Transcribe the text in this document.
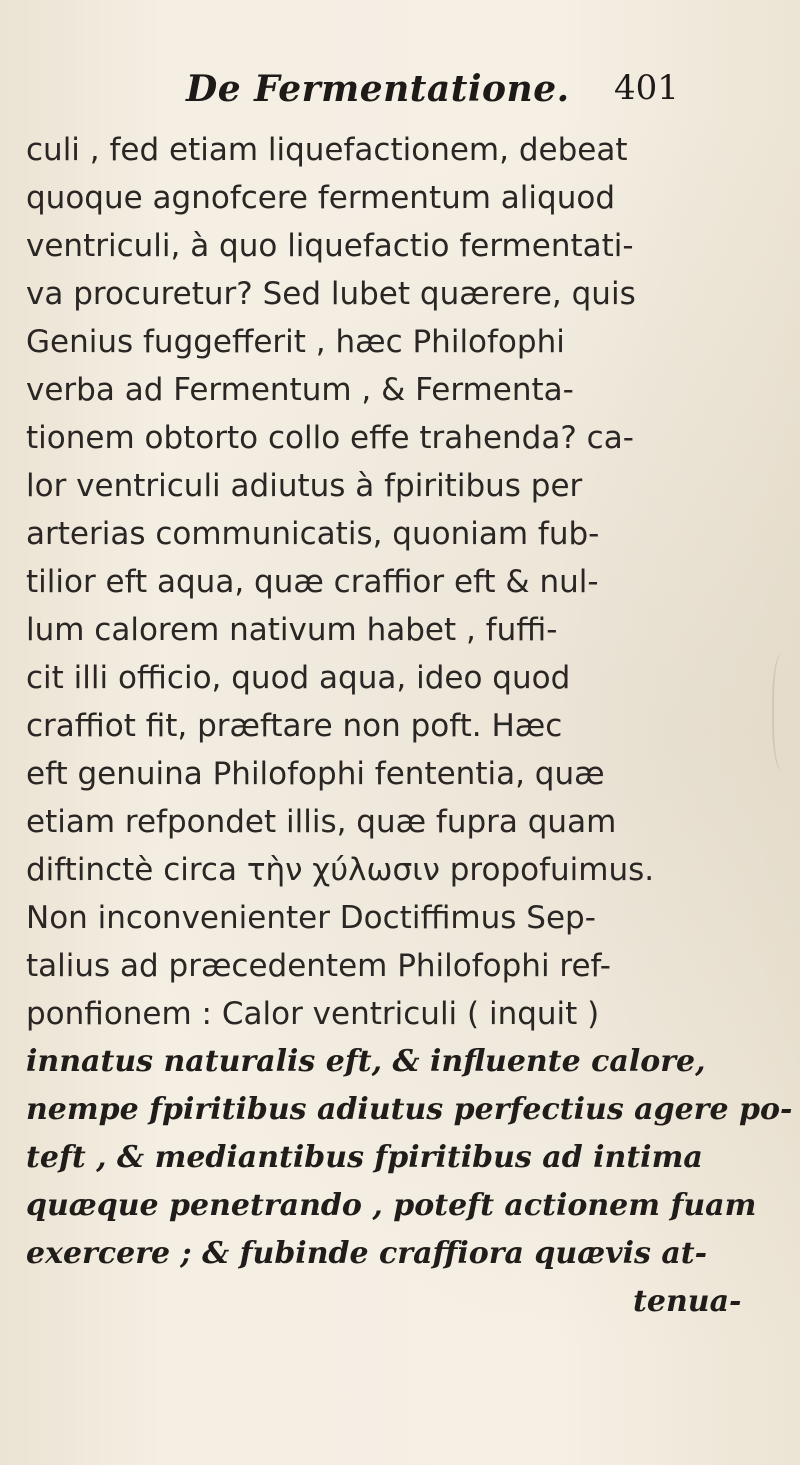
De Fermentatione. 401
culi , fed etiam liquefactionem, debeat
quoque agnofcere fermentum aliquod
ventriculi, à quo liquefactio fermentati-
va procuretur? Sed lubet quærere, quis
Genius fuggefferit , hæc Philofophi
verba ad Fermentum , & Fermenta-
tionem obtorto collo effe trahenda? ca-
lor ventriculi adiutus à fpiritibus per
arterias communicatis, quoniam fub-
tilior eft aqua, quæ craffior eft & nul-
lum calorem nativum habet , fuffi-
cit illi officio, quod aqua, ideo quod
craffiot fit, præftare non poft. Hæc
eft genuina Philofophi fententia, quæ
etiam refpondet illis, quæ fupra quam
diftinctè circa τὴν χύλωσιν propofuimus.
Non inconvenienter Doctiffimus Sep-
talius ad præcedentem Philofophi ref-
ponfionem : Calor ventriculi ( inquit )
innatus naturalis eft, & influente calore,
nempe fpiritibus adiutus perfectius agere po-
teft , & mediantibus fpiritibus ad intima
quæque penetrando , poteft actionem fuam
exercere ; & fubinde craffiora quævis at-
tenua-
